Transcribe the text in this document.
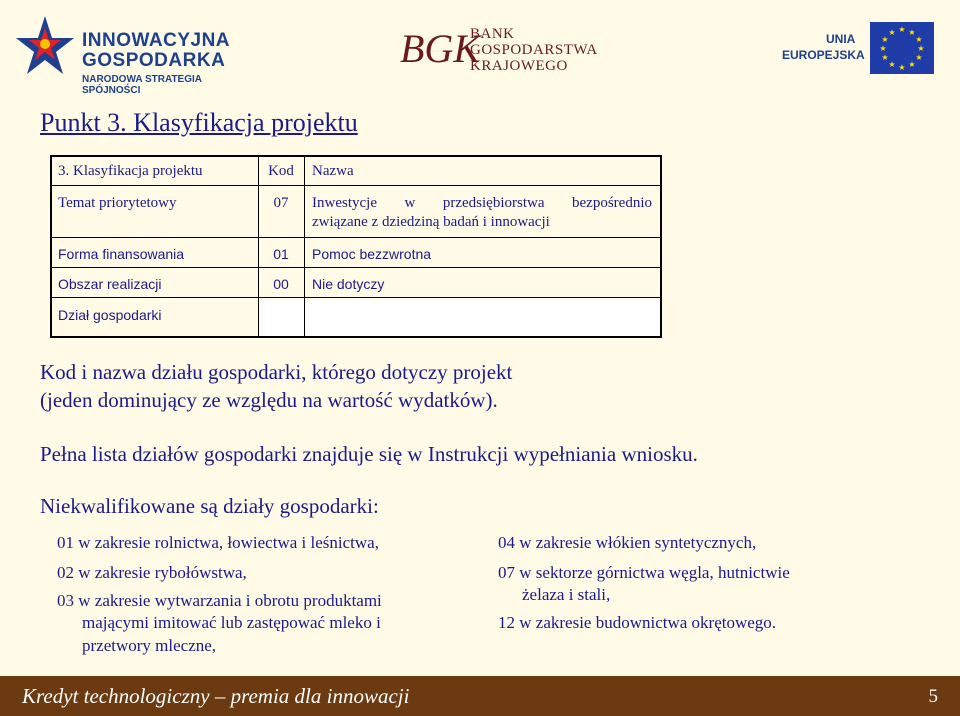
INNOWACYJNA
GOSPODARKA
NARODOWA STRATEGIA SPÓJNOŚCI
BGK
BANK
GOSPODARSTWA
KRAJOWEGO
UNIA
EUROPEJSKA
★ ★
★
★
★
★
★
★
★
★
★
★
Punkt 3. Klasyfikacja projektu
3. Klasyfikacja projektu	Kod	Nazwa
Temat priorytetowy	07	Inwestycje w przedsiębiorstwa bezpośrednio
związane z dziedziną badań i innowacji
Forma finansowania	01	Pomoc bezzwrotna
Obszar realizacji	00	Nie dotyczy
Dział gospodarki
Kod i nazwa działu gospodarki, którego dotyczy projekt
(jeden dominujący ze względu na wartość wydatków).
Pełna lista działów gospodarki znajduje się w Instrukcji wypełniania wniosku.
Niekwalifikowane są działy gospodarki:
01 w zakresie rolnictwa, łowiectwa i leśnictwa,
02 w zakresie rybołówstwa,
03 w zakresie wytwarzania i obrotu produktami
mającymi imitować lub zastępować mleko i
przetwory mleczne,
04 w zakresie włókien syntetycznych,
07 w sektorze górnictwa węgla, hutnictwie
żelaza i stali,
12 w zakresie budownictwa okrętowego.
Kredyt technologiczny – premia dla innowacji	5
